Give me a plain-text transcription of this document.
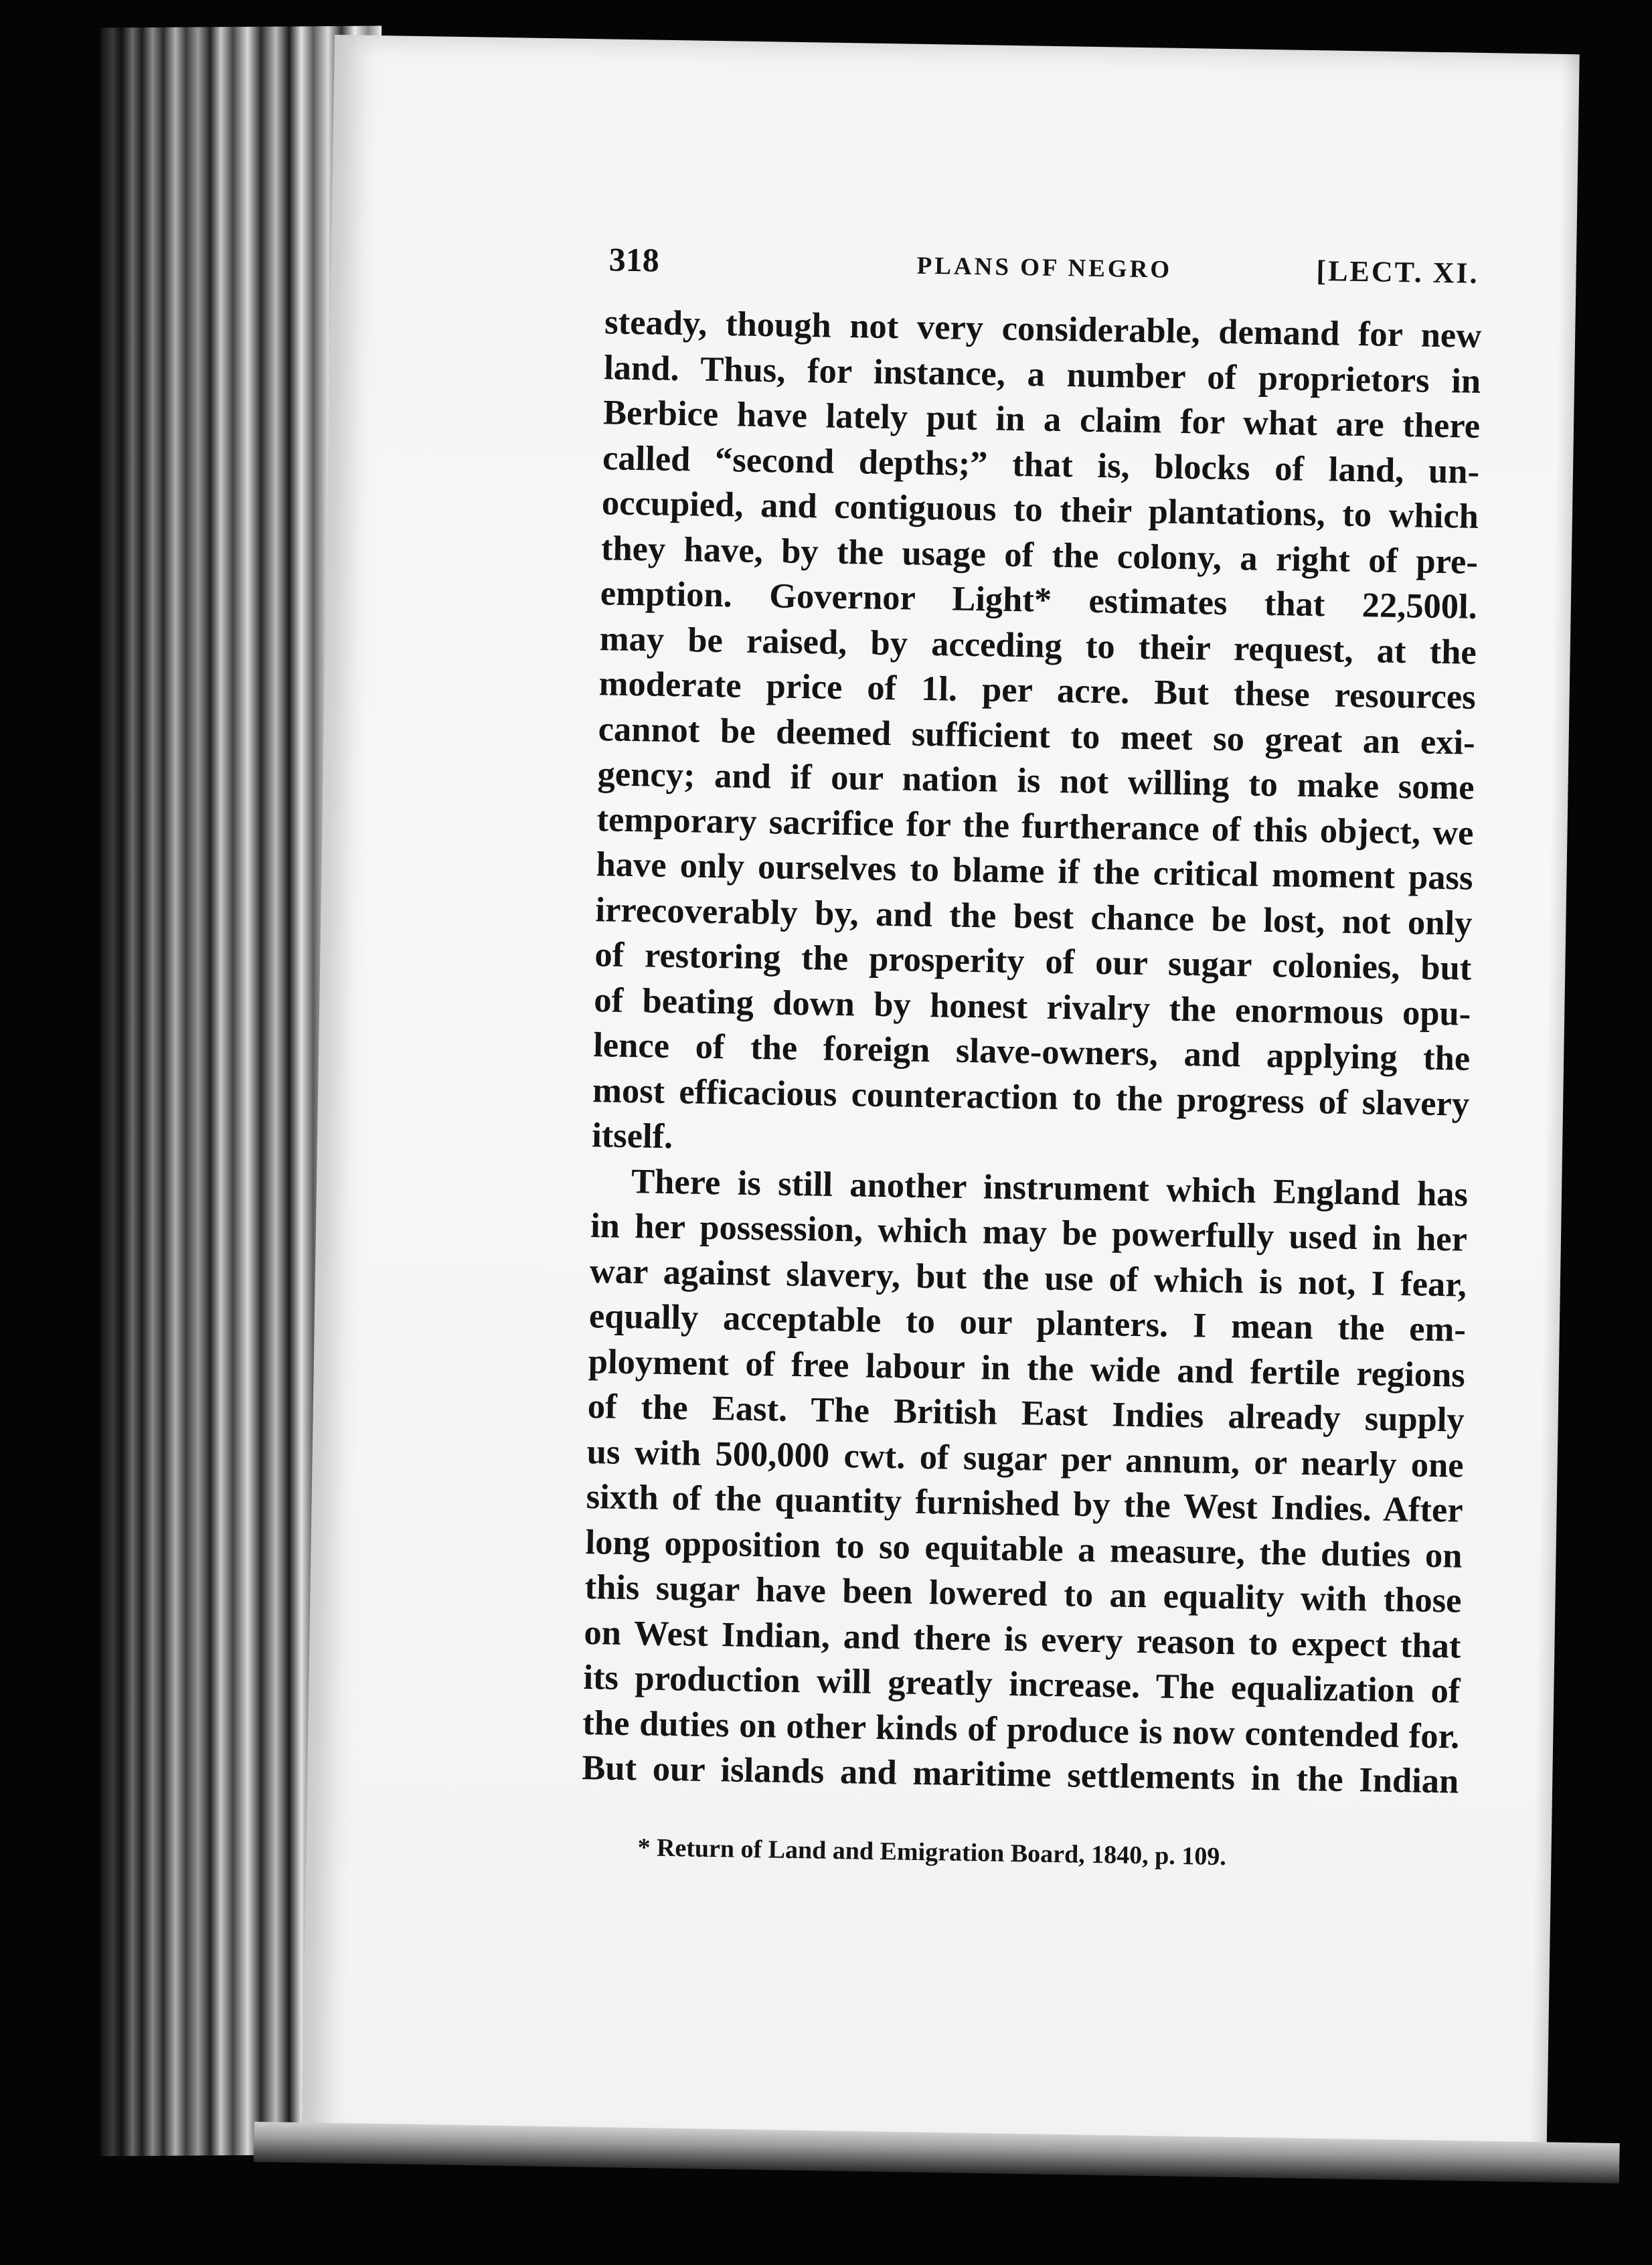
318	PLANS OF NEGRO	[LECT. XI.
steady, though not very considerable, demand for new
land. Thus, for instance, a number of proprietors in
Berbice have lately put in a claim for what are there
called “second depths;” that is, blocks of land, un-
occupied, and contiguous to their plantations, to which
they have, by the usage of the colony, a right of pre-
emption. Governor Light* estimates that 22,500l.
may be raised, by acceding to their request, at the
moderate price of 1l. per acre. But these resources
cannot be deemed sufficient to meet so great an exi-
gency; and if our nation is not willing to make some
temporary sacrifice for the furtherance of this object, we
have only ourselves to blame if the critical moment pass
irrecoverably by, and the best chance be lost, not only
of restoring the prosperity of our sugar colonies, but
of beating down by honest rivalry the enormous opu-
lence of the foreign slave-owners, and applying the
most efficacious counteraction to the progress of slavery
itself.
There is still another instrument which England has
in her possession, which may be powerfully used in her
war against slavery, but the use of which is not, I fear,
equally acceptable to our planters. I mean the em-
ployment of free labour in the wide and fertile regions
of the East. The British East Indies already supply
us with 500,000 cwt. of sugar per annum, or nearly one
sixth of the quantity furnished by the West Indies. After
long opposition to so equitable a measure, the duties on
this sugar have been lowered to an equality with those
on West Indian, and there is every reason to expect that
its production will greatly increase. The equalization of
the duties on other kinds of produce is now contended for.
But our islands and maritime settlements in the Indian
* Return of Land and Emigration Board, 1840, p. 109.
